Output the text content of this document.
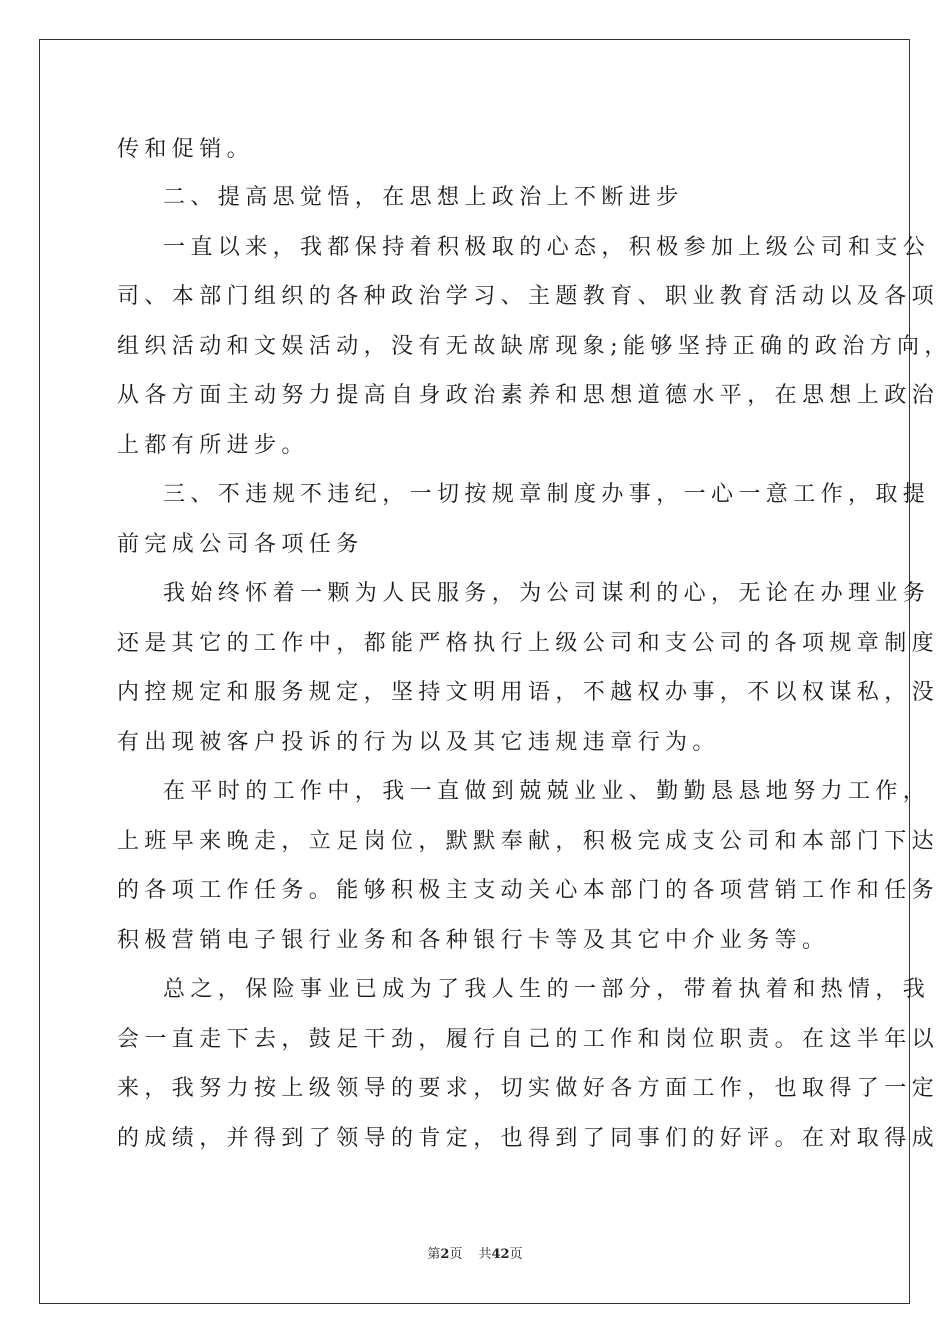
传和促销。
二、提高思觉悟，在思想上政治上不断进步
一直以来，我都保持着积极取的心态，积极参加上级公司和支公
司、本部门组织的各种政治学习、主题教育、职业教育活动以及各项
组织活动和文娱活动，没有无故缺席现象;能够坚持正确的政治方向，
从各方面主动努力提高自身政治素养和思想道德水平，在思想上政治
上都有所进步。
三、不违规不违纪，一切按规章制度办事，一心一意工作，取提
前完成公司各项任务
我始终怀着一颗为人民服务，为公司谋利的心，无论在办理业务
还是其它的工作中，都能严格执行上级公司和支公司的各项规章制度
内控规定和服务规定，坚持文明用语，不越权办事，不以权谋私，没
有出现被客户投诉的行为以及其它违规违章行为。
在平时的工作中，我一直做到兢兢业业、勤勤恳恳地努力工作，
上班早来晚走，立足岗位，默默奉献，积极完成支公司和本部门下达
的各项工作任务。能够积极主支动关心本部门的各项营销工作和任务
积极营销电子银行业务和各种银行卡等及其它中介业务等。
总之，保险事业已成为了我人生的一部分，带着执着和热情，我
会一直走下去，鼓足干劲，履行自己的工作和岗位职责。在这半年以
来，我努力按上级领导的要求，切实做好各方面工作，也取得了一定
的成绩，并得到了领导的肯定，也得到了同事们的好评。在对取得成
第2页 共42页
